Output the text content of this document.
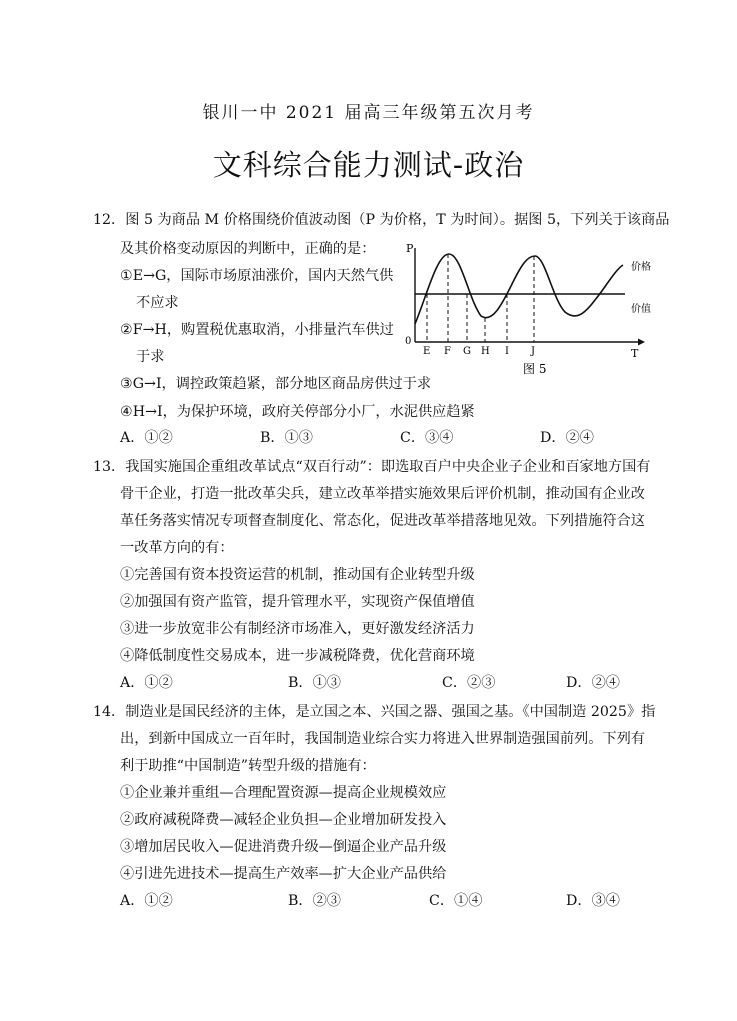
银川一中 2021 届高三年级第五次月考
文科综合能力测试-政治
12．图 5 为商品 M 价格围绕价值波动图（P 为价格，T 为时间）。据图 5，下列关于该商品
及其价格变动原因的判断中，正确的是：
①E→G，国际市场原油涨价，国内天然气供
不应求
②F→H，购置税优惠取消，小排量汽车供过
于求
③G→I，调控政策趋紧，部分地区商品房供过于求
④H→I，为保护环境，政府关停部分小厂，水泥供应趋紧
A．①②	B．①③	C．③④	D．②④
P
T
0
E F G H I J
价格
价值
图 5
13．我国实施国企重组改革试点“双百行动”：即选取百户中央企业子企业和百家地方国有
骨干企业，打造一批改革尖兵，建立改革举措实施效果后评价机制，推动国有企业改
革任务落实情况专项督查制度化、常态化，促进改革举措落地见效。下列措施符合这
一改革方向的有：
①完善国有资本投资运营的机制，推动国有企业转型升级
②加强国有资产监管，提升管理水平，实现资产保值增值
③进一步放宽非公有制经济市场准入，更好激发经济活力
④降低制度性交易成本，进一步减税降费，优化营商环境
A．①②	B．①③	C．②③	D．②④
14．制造业是国民经济的主体，是立国之本、兴国之器、强国之基。《中国制造 2025》指
出，到新中国成立一百年时，我国制造业综合实力将进入世界制造强国前列。下列有
利于助推“中国制造”转型升级的措施有：
①企业兼并重组—合理配置资源—提高企业规模效应
②政府减税降费—减轻企业负担—企业增加研发投入
③增加居民收入—促进消费升级—倒逼企业产品升级
④引进先进技术—提高生产效率—扩大企业产品供给
A．①②	B．②③	C．①④	D．③④
